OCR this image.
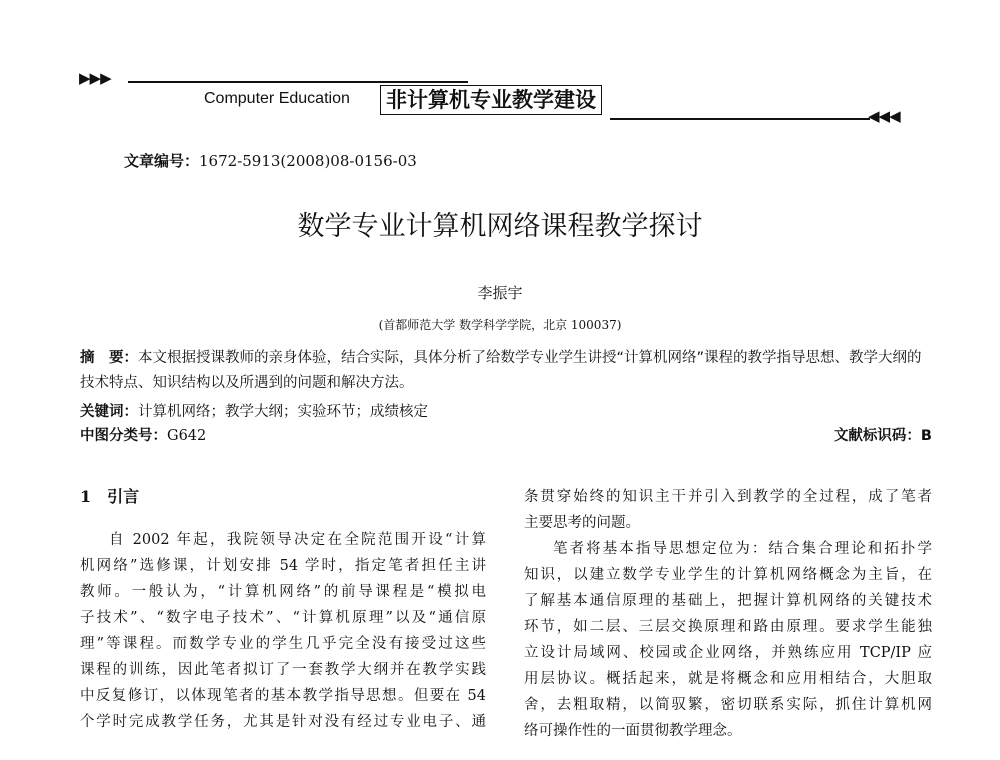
▶▶▶
Computer Education 非计算机专业教学建设
◀◀◀
文章编号：1672-5913(2008)08-0156-03
数学专业计算机网络课程教学探讨
李振宇
(首都师范大学 数学科学学院，北京 100037)
摘　要：本文根据授课教师的亲身体验，结合实际，具体分析了给数学专业学生讲授“计算机网络”课程的教学指导思想、教学大纲的技术特点、知识结构以及所遇到的问题和解决方法。
关键词：计算机网络；教学大纲；实验环节；成绩核定
中图分类号：G642	文献标识码：B
1　引言

自 2002 年起，我院领导决定在全院范围开设“计算

机网络”选修课，计划安排 54 学时，指定笔者担任主讲

教师。一般认为，“计算机网络”的前导课程是“模拟电

子技术”、“数字电子技术”、“计算机原理”以及“通信原

理”等课程。而数学专业的学生几乎完全没有接受过这些

课程的训练，因此笔者拟订了一套教学大纲并在教学实践

中反复修订，以体现笔者的基本教学指导思想。但要在 54

个学时完成教学任务，尤其是针对没有经过专业电子、通

条贯穿始终的知识主干并引入到教学的全过程，成了笔者

主要思考的问题。

笔者将基本指导思想定位为：结合集合理论和拓扑学

知识，以建立数学专业学生的计算机网络概念为主旨，在

了解基本通信原理的基础上，把握计算机网络的关键技术

环节，如二层、三层交换原理和路由原理。要求学生能独

立设计局域网、校园或企业网络，并熟练应用 TCP/IP 应

用层协议。概括起来，就是将概念和应用相结合，大胆取

舍，去粗取精，以简驭繁，密切联系实际，抓住计算机网

络可操作性的一面贯彻教学理念。
